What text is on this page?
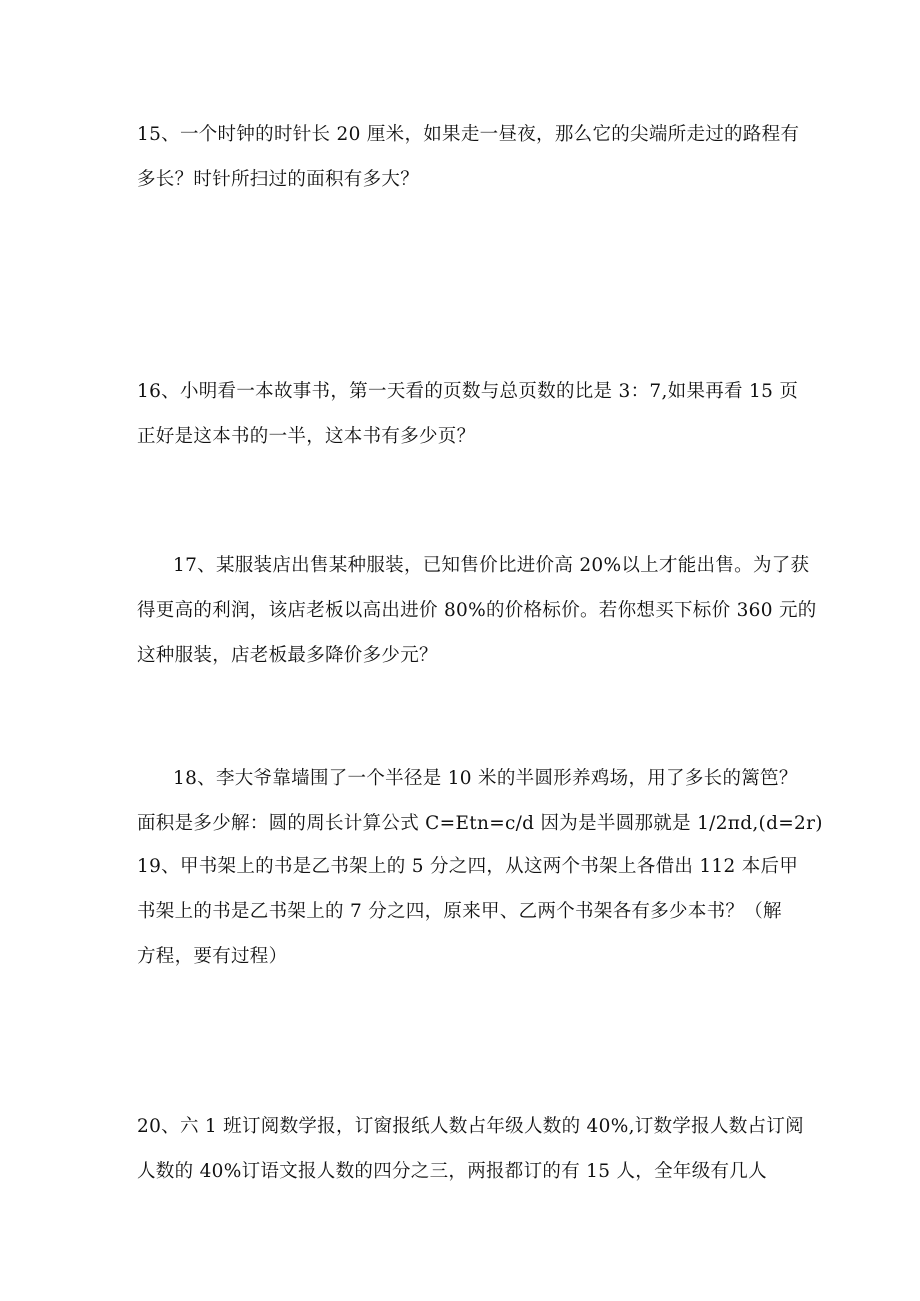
15、一个时钟的时针长 20 厘米，如果走一昼夜，那么它的尖端所走过的路程有
多长？时针所扫过的面积有多大？
16、小明看一本故事书，第一天看的页数与总页数的比是 3：7,如果再看 15 页
正好是这本书的一半，这本书有多少页？
17、某服装店出售某种服装，已知售价比进价高 20%以上才能出售。为了获
得更高的利润，该店老板以高出进价 80%的价格标价。若你想买下标价 360 元的
这种服装，店老板最多降价多少元？
18、李大爷靠墙围了一个半径是 10 米的半圆形养鸡场，用了多长的篱笆？
面积是多少解：圆的周长计算公式 C=Etn=c/d 因为是半圆那就是 1/2πd,(d=2r)
19、甲书架上的书是乙书架上的 5 分之四，从这两个书架上各借出 112 本后甲
书架上的书是乙书架上的 7 分之四，原来甲、乙两个书架各有多少本书？（解
方程，要有过程）
20、六 1 班订阅数学报，订窗报纸人数占年级人数的 40%,订数学报人数占订阅
人数的 40%订语文报人数的四分之三，两报都订的有 15 人，全年级有几人
